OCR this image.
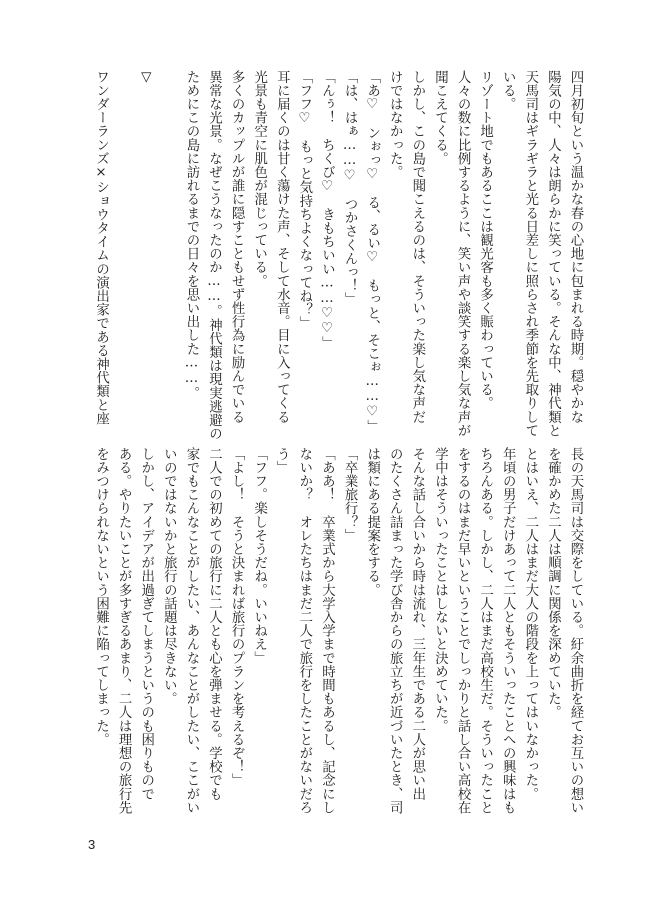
四月初旬という温かな春の心地に包まれる時期。穏やかな

陽気の中、人々は朗らかに笑っている。そんな中、神代類と

天馬司はギラギラと光る日差しに照らされ季節を先取りして

いる。

リゾート地でもあるここは観光客も多く賑わっている。

人々の数に比例するように、笑い声や談笑する楽し気な声が

聞こえてくる。

しかし、この島で聞こえるのは、そういった楽し気な声だ

けではなかった。

「あ♡　ンぉっ♡　る、るい♡　もっと、そこぉ……♡」

「は、はぁ……♡　つかさくんっ！」

「んぅ！　ちくび♡　きもちいい……♡♡」

「フフ♡　もっと気持ちよくなってね？」

耳に届くのは甘く蕩けた声、そして水音。目に入ってくる

光景も青空に肌色が混じっている。

多くのカップルが誰に隠すこともせず性行為に励んでいる

異常な光景。なぜこうなったのか……。神代類は現実逃避の

ためにこの島に訪れるまでの日々を思い出した……。

▽

ワンダーランズ×ショウタイムの演出家である神代類と座

長の天馬司は交際をしている。紆余曲折を経てお互いの想い

を確かめた二人は順調に関係を深めていた。

とはいえ、二人はまだ大人の階段を上ってはいなかった。

年頃の男子だけあって二人ともそういったことへの興味はも

ちろんある。しかし、二人はまだ高校生だ。そういったこと

をするのはまだ早いということでしっかりと話し合い高校在

学中はそういったことはしないと決めていた。

そんな話し合いから時は流れ、三年生である二人が思い出

のたくさん詰まった学び舎からの旅立ちが近づいたとき、司

は類にある提案をする。

「卒業旅行？」

「ああ！　卒業式から大学入学まで時間もあるし、記念にし

ないか？　オレたちはまだ二人で旅行をしたことがないだろ

う」

「フフ。楽しそうだね。いいねえ」

「よし！　そうと決まれば旅行のプランを考えるぞ！」

二人での初めての旅行に二人とも心を弾ませる。学校でも

家でもこんなことがしたい、あんなことがしたい、ここがい

いのではないかと旅行の話題は尽きない。

しかし、アイデアが出過ぎてしまうというのも困りもので

ある。やりたいことが多すぎるあまり、二人は理想の旅行先

をみつけられないという困難に陥ってしまった。

3
